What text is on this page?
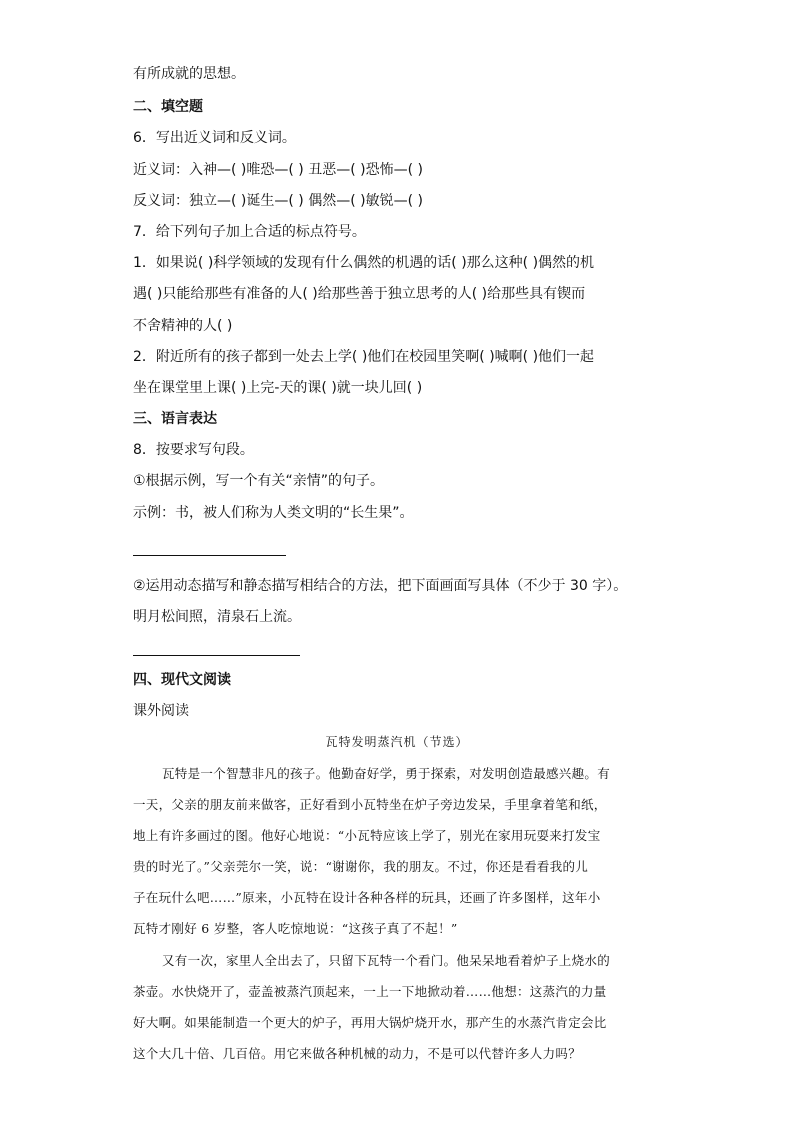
有所成就的思想。
二、填空题
6．写出近义词和反义词。
近义词：入神—( )唯恐—( ) 丑恶—( )恐怖—( )
反义词：独立—( )诞生—( ) 偶然—( )敏锐—( )
7．给下列句子加上合适的标点符号。
1．如果说( )科学领域的发现有什么偶然的机遇的话( )那么这种( )偶然的机
遇( )只能给那些有准备的人( )给那些善于独立思考的人( )给那些具有锲而
不舍精神的人( )
2．附近所有的孩子都到一处去上学( )他们在校园里笑啊( )喊啊( )他们一起
坐在课堂里上课( )上完-天的课( )就一块儿回( )
三、语言表达
8．按要求写句段。
①根据示例，写一个有关“亲情”的句子。
示例：书，被人们称为人类文明的“长生果”。
②运用动态描写和静态描写相结合的方法，把下面画面写具体（不少于 30 字）。
明月松间照，清泉石上流。
四、现代文阅读
课外阅读
瓦特发明蒸汽机（节选）
瓦特是一个智慧非凡的孩子。他勤奋好学，勇于探索，对发明创造最感兴趣。有
一天，父亲的朋友前来做客，正好看到小瓦特坐在炉子旁边发呆，手里拿着笔和纸，
地上有许多画过的图。他好心地说：“小瓦特应该上学了，别光在家用玩耍来打发宝
贵的时光了。”父亲莞尔一笑，说：“谢谢你，我的朋友。不过，你还是看看我的儿
子在玩什么吧……”原来，小瓦特在设计各种各样的玩具，还画了许多图样，这年小
瓦特才刚好 6 岁整，客人吃惊地说：“这孩子真了不起！”
又有一次，家里人全出去了，只留下瓦特一个看门。他呆呆地看着炉子上烧水的
茶壶。水快烧开了，壶盖被蒸汽顶起来，一上一下地掀动着……他想：这蒸汽的力量
好大啊。如果能制造一个更大的炉子，再用大锅炉烧开水，那产生的水蒸汽肯定会比
这个大几十倍、几百倍。用它来做各种机械的动力，不是可以代替许多人力吗？
